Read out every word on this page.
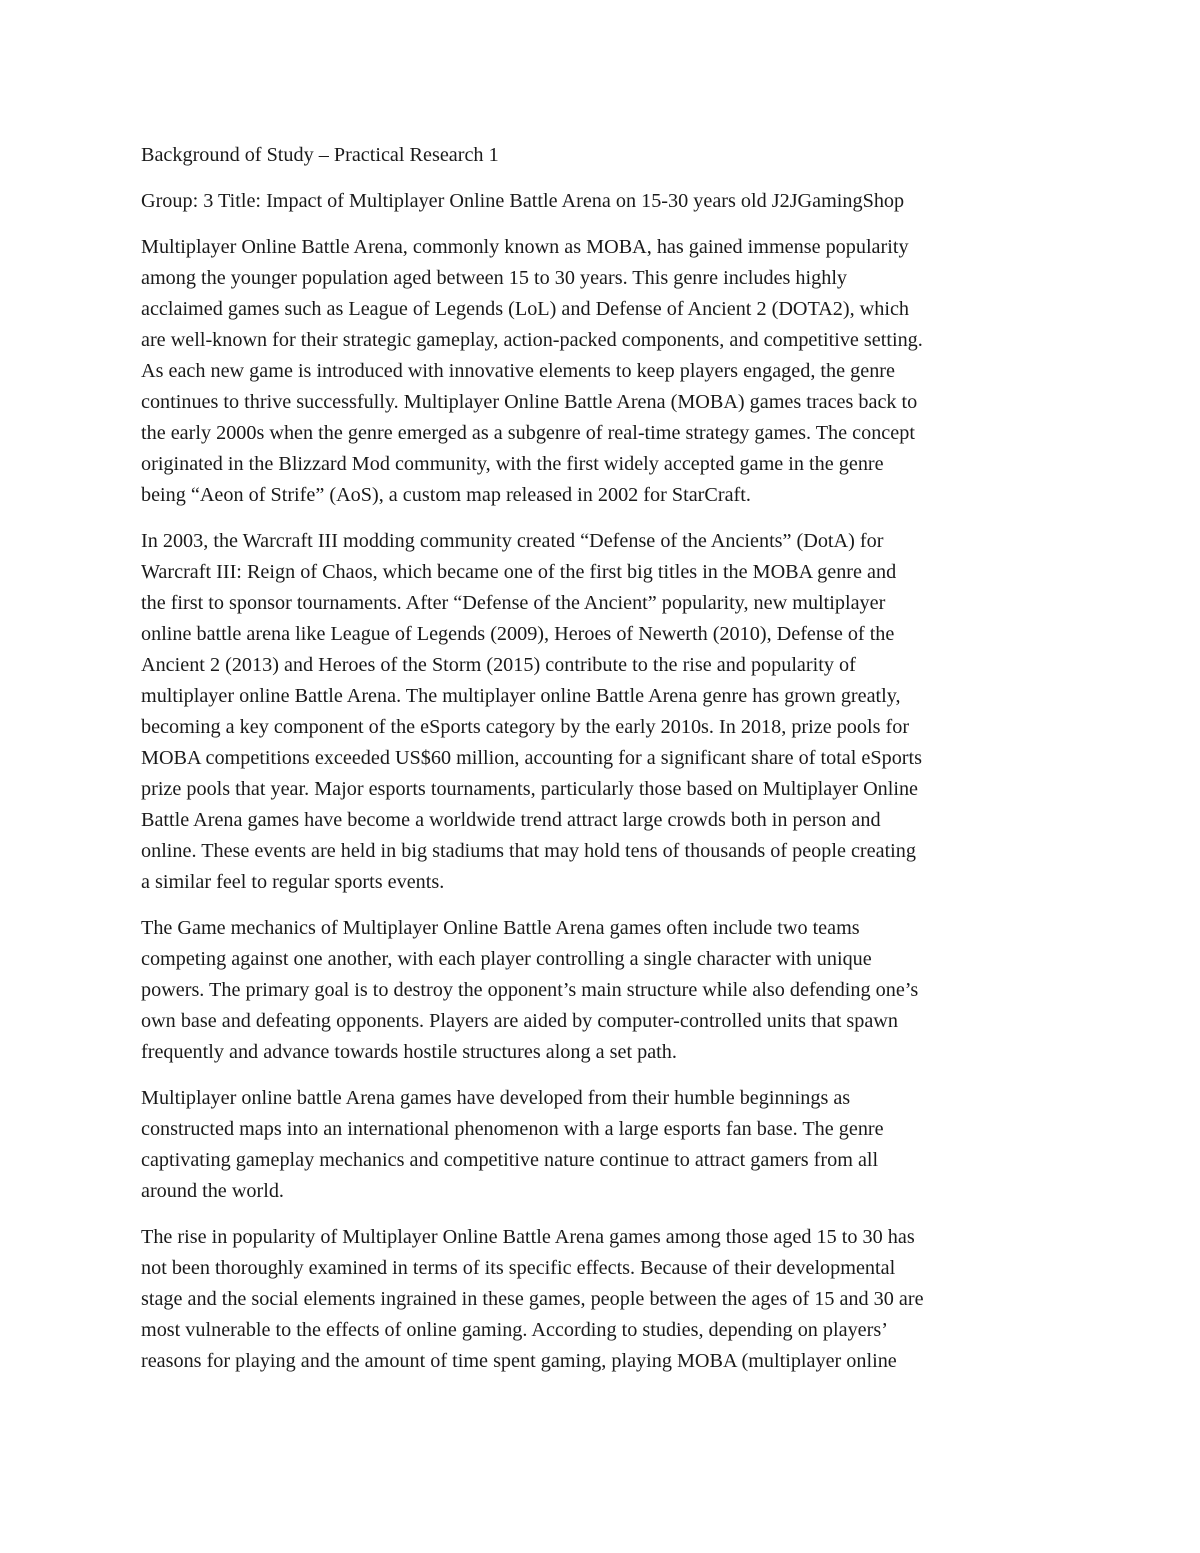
Background of Study – Practical Research 1
Group: 3 Title: Impact of Multiplayer Online Battle Arena on 15-30 years old J2JGamingShop
Multiplayer Online Battle Arena, commonly known as MOBA, has gained immense popularity
among the younger population aged between 15 to 30 years. This genre includes highly
acclaimed games such as League of Legends (LoL) and Defense of Ancient 2 (DOTA2), which
are well-known for their strategic gameplay, action-packed components, and competitive setting.
As each new game is introduced with innovative elements to keep players engaged, the genre
continues to thrive successfully. Multiplayer Online Battle Arena (MOBA) games traces back to
the early 2000s when the genre emerged as a subgenre of real-time strategy games. The concept
originated in the Blizzard Mod community, with the first widely accepted game in the genre
being “Aeon of Strife” (AoS), a custom map released in 2002 for StarCraft.
In 2003, the Warcraft III modding community created “Defense of the Ancients” (DotA) for
Warcraft III: Reign of Chaos, which became one of the first big titles in the MOBA genre and
the first to sponsor tournaments. After “Defense of the Ancient” popularity, new multiplayer
online battle arena like League of Legends (2009), Heroes of Newerth (2010), Defense of the
Ancient 2 (2013) and Heroes of the Storm (2015) contribute to the rise and popularity of
multiplayer online Battle Arena. The multiplayer online Battle Arena genre has grown greatly,
becoming a key component of the eSports category by the early 2010s. In 2018, prize pools for
MOBA competitions exceeded US$60 million, accounting for a significant share of total eSports
prize pools that year. Major esports tournaments, particularly those based on Multiplayer Online
Battle Arena games have become a worldwide trend attract large crowds both in person and
online. These events are held in big stadiums that may hold tens of thousands of people creating
a similar feel to regular sports events.
The Game mechanics of Multiplayer Online Battle Arena games often include two teams
competing against one another, with each player controlling a single character with unique
powers. The primary goal is to destroy the opponent’s main structure while also defending one’s
own base and defeating opponents. Players are aided by computer-controlled units that spawn
frequently and advance towards hostile structures along a set path.
Multiplayer online battle Arena games have developed from their humble beginnings as
constructed maps into an international phenomenon with a large esports fan base. The genre
captivating gameplay mechanics and competitive nature continue to attract gamers from all
around the world.
The rise in popularity of Multiplayer Online Battle Arena games among those aged 15 to 30 has
not been thoroughly examined in terms of its specific effects. Because of their developmental
stage and the social elements ingrained in these games, people between the ages of 15 and 30 are
most vulnerable to the effects of online gaming. According to studies, depending on players’
reasons for playing and the amount of time spent gaming, playing MOBA (multiplayer online
